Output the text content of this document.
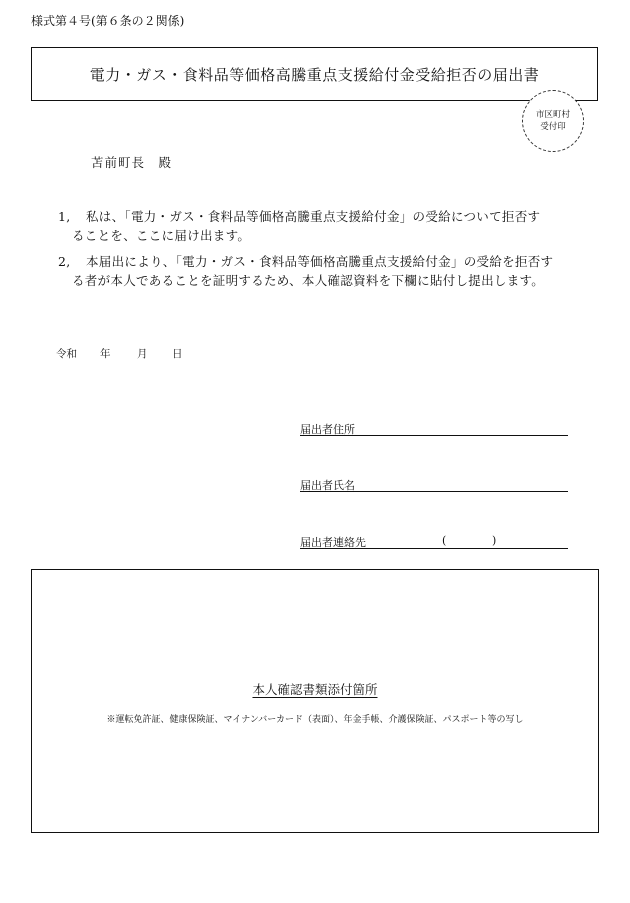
様式第４号(第６条の２関係)
電力・ガス・食料品等価格高騰重点支援給付金受給拒否の届出書
市区町村
受付印
苫前町長　殿
1, 私は、「電力・ガス・食料品等価格高騰重点支援給付金」の受給について拒否す
ることを、ここに届け出ます。
2, 本届出により、「電力・ガス・食料品等価格高騰重点支援給付金」の受給を拒否す
る者が本人であることを証明するため、本人確認資料を下欄に貼付し提出します。
令和 年	月 日
届出者住所
届出者氏名
届出者連絡先	(	)
本人確認書類添付箇所
※運転免許証、健康保険証、マイナンバーカード（表面）、年金手帳、介護保険証、パスポート等の写し
